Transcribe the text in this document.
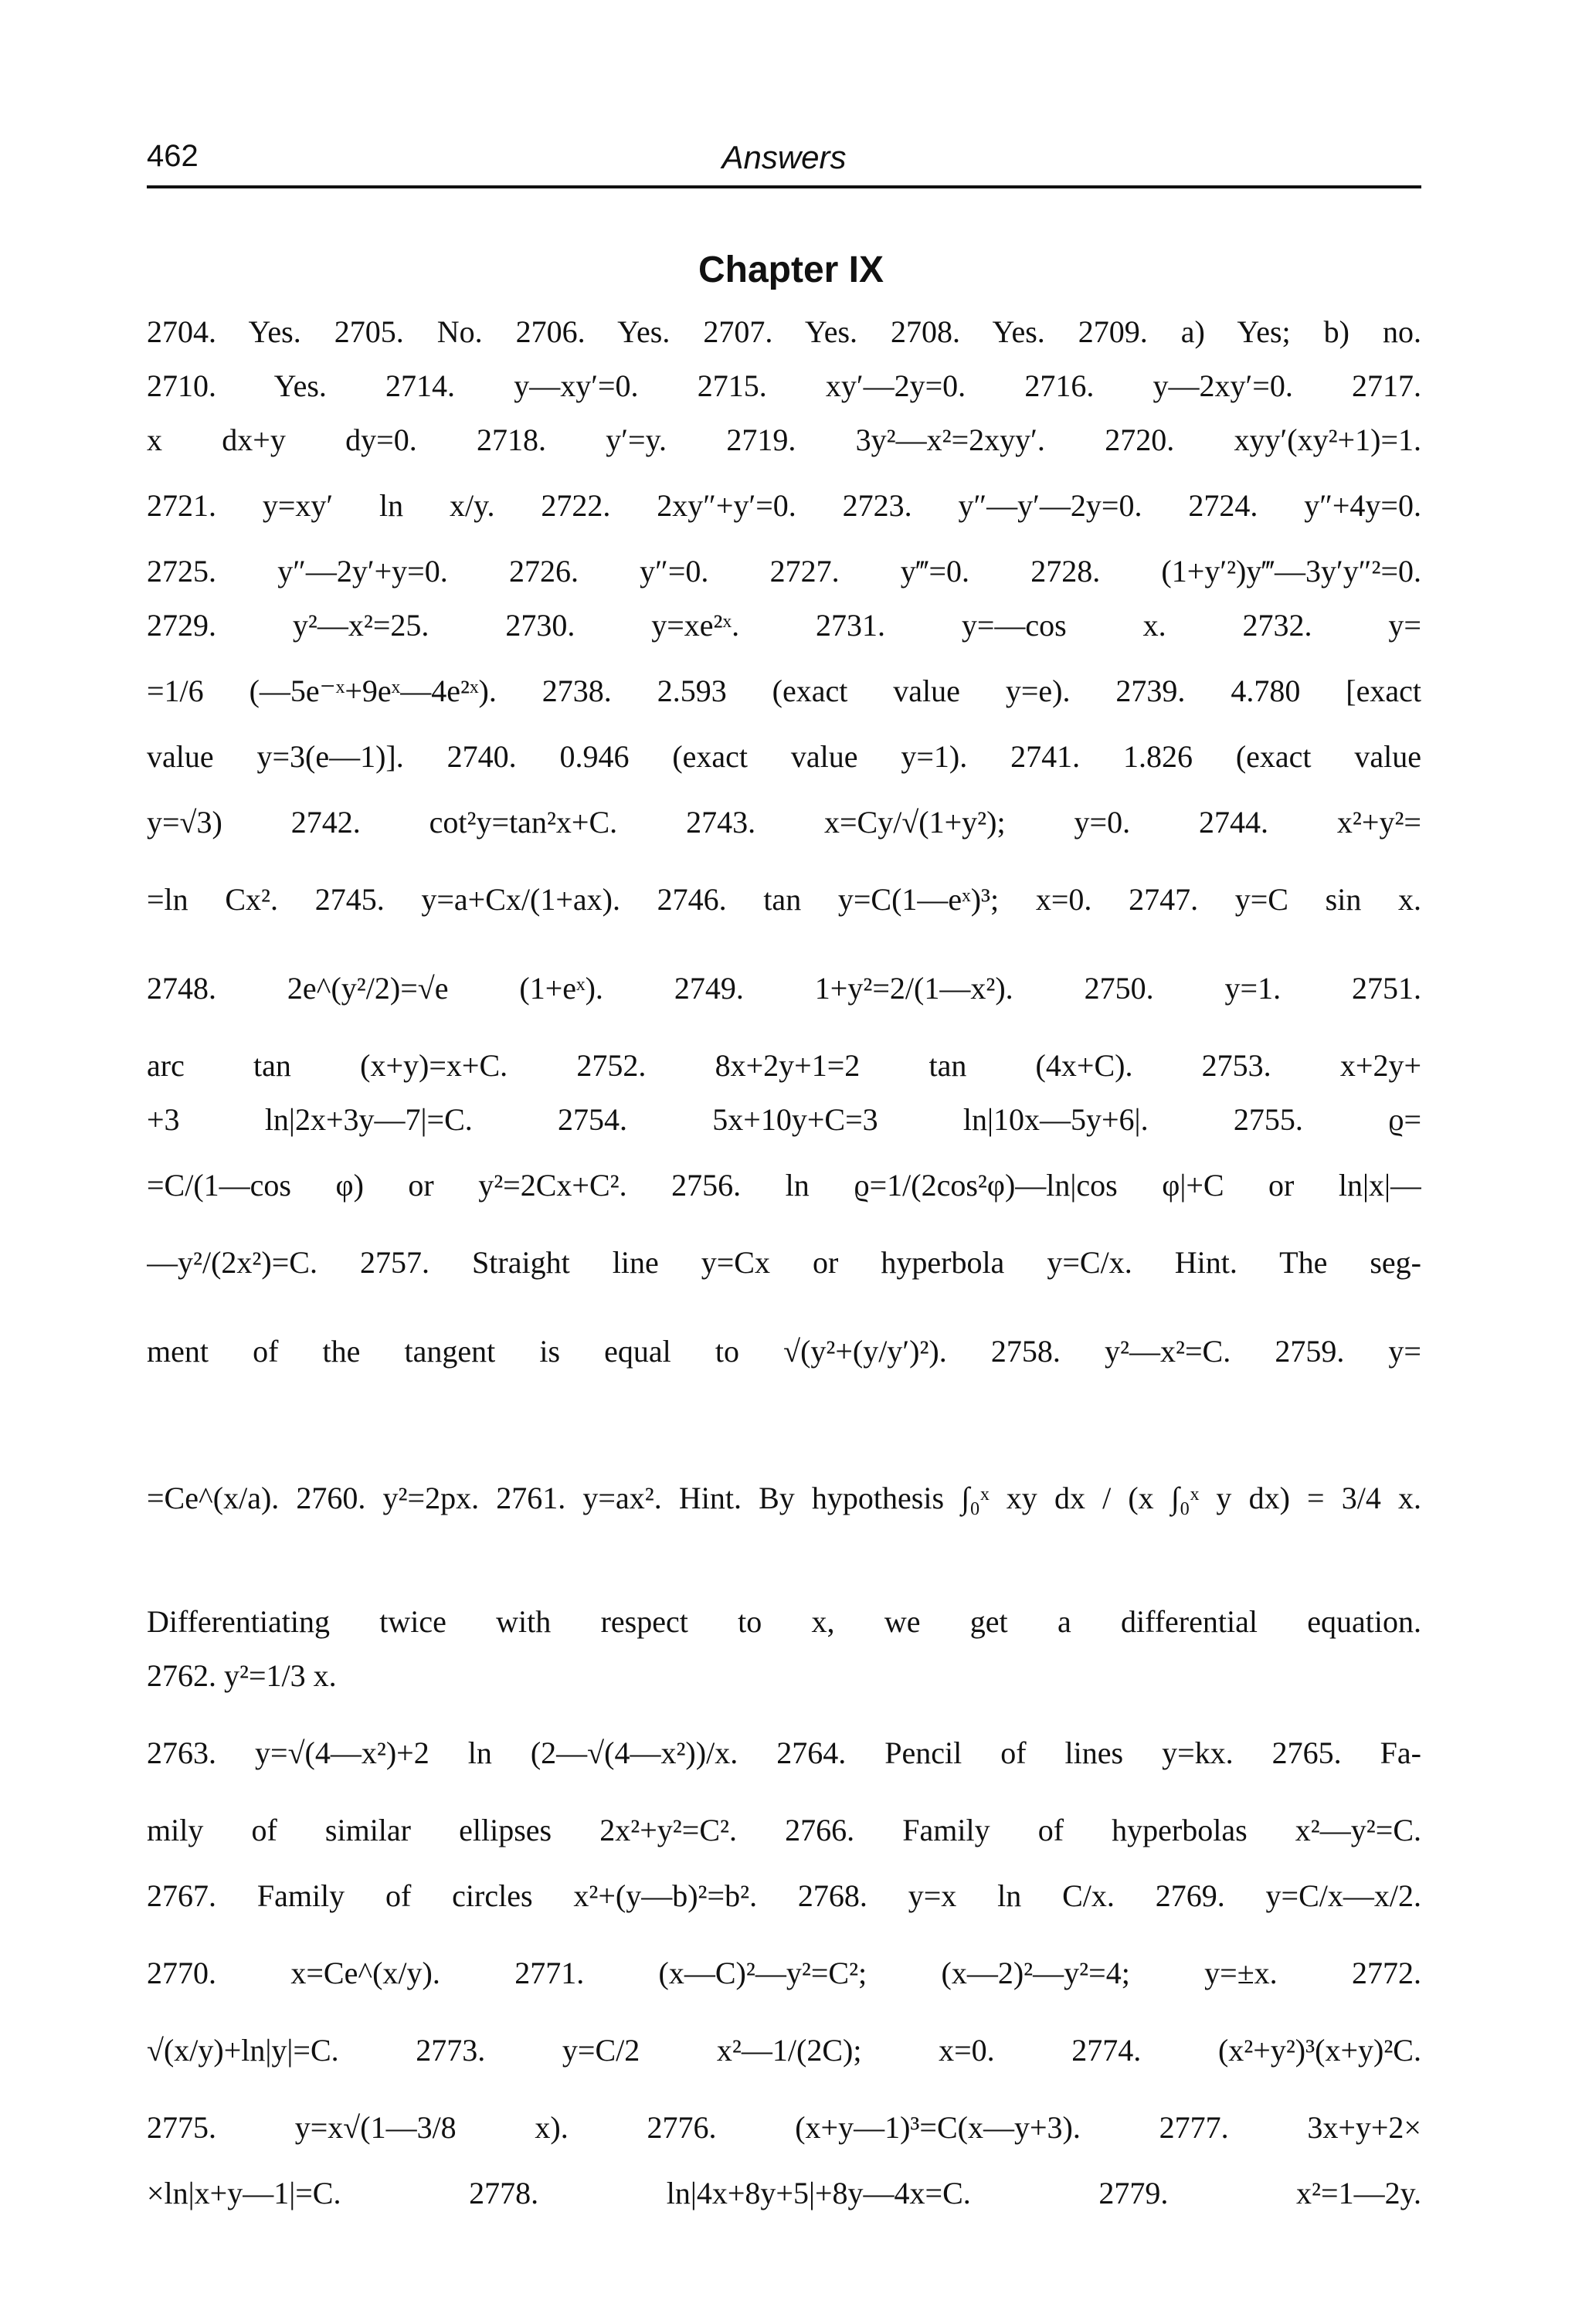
462	Answers
Chapter IX
2704. Yes. 2705. No. 2706. Yes. 2707. Yes. 2708. Yes. 2709. a) Yes; b) no.
2710. Yes. 2714. y—xy′=0. 2715. xy′—2y=0. 2716. y—2xy′=0. 2717.
x dx+y dy=0. 2718. y′=y. 2719. 3y²—x²=2xyy′. 2720. xyy′(xy²+1)=1.
2721. y=xy′ ln x/y. 2722. 2xy″+y′=0. 2723. y″—y′—2y=0. 2724. y″+4y=0.
2725. y″—2y′+y=0. 2726. y″=0. 2727. y‴=0. 2728. (1+y′²)y‴—3y′y″²=0.
2729. y²—x²=25. 2730. y=xe²ˣ. 2731. y=—cos x. 2732. y=
=1/6 (—5e⁻ˣ+9eˣ—4e²ˣ). 2738. 2.593 (exact value y=e). 2739. 4.780 [exact
value y=3(e—1)]. 2740. 0.946 (exact value y=1). 2741. 1.826 (exact value
y=√3) 2742. cot²y=tan²x+C. 2743. x=Cy/√(1+y²); y=0. 2744. x²+y²=
=ln Cx². 2745. y=a+Cx/(1+ax). 2746. tan y=C(1—eˣ)³; x=0. 2747. y=C sin x.
2748. 2e^(y²/2)=√e (1+eˣ). 2749. 1+y²=2/(1—x²). 2750. y=1. 2751.
arc tan (x+y)=x+C. 2752. 8x+2y+1=2 tan (4x+C). 2753. x+2y+
+3 ln|2x+3y—7|=C. 2754. 5x+10y+C=3 ln|10x—5y+6|. 2755. ϱ=
=C/(1—cos φ) or y²=2Cx+C². 2756. ln ϱ=1/(2cos²φ)—ln|cos φ|+C or ln|x|—
—y²/(2x²)=C. 2757. Straight line y=Cx or hyperbola y=C/x. Hint. The seg-
ment of the tangent is equal to √(y²+(y/y′)²). 2758. y²—x²=C. 2759. y=
=Ce^(x/a). 2760. y²=2px. 2761. y=ax². Hint. By hypothesis ∫₀ˣ xy dx / (x ∫₀ˣ y dx) = 3/4 x.
Differentiating twice with respect to x, we get a differential equation.
2762. y²=1/3 x.
2763. y=√(4—x²)+2 ln (2—√(4—x²))/x. 2764. Pencil of lines y=kx. 2765. Fa-
mily of similar ellipses 2x²+y²=C². 2766. Family of hyperbolas x²—y²=C.
2767. Family of circles x²+(y—b)²=b². 2768. y=x ln C/x. 2769. y=C/x—x/2.
2770. x=Ce^(x/y). 2771. (x—C)²—y²=C²; (x—2)²—y²=4; y=±x. 2772.
√(x/y)+ln|y|=C. 2773. y=C/2 x²—1/(2C); x=0. 2774. (x²+y²)³(x+y)²C.
2775. y=x√(1—3/8 x). 2776. (x+y—1)³=C(x—y+3). 2777. 3x+y+2×
×ln|x+y—1|=C. 2778. ln|4x+8y+5|+8y—4x=C. 2779. x²=1—2y.
